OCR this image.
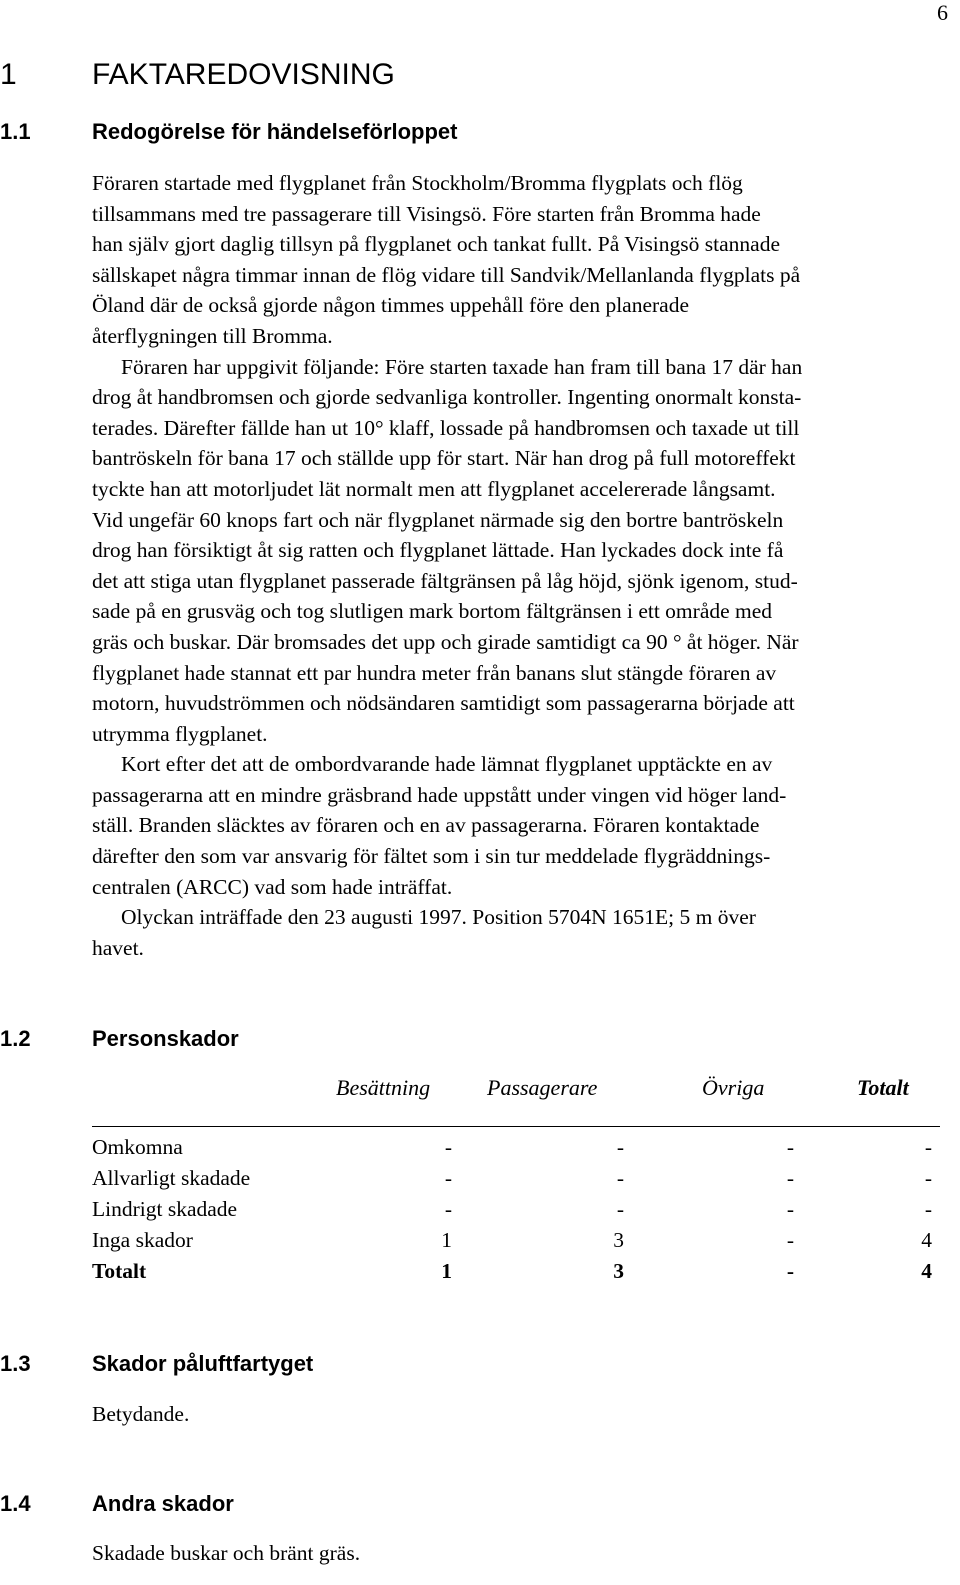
6
1	FAKTAREDOVISNING
1.1	Redogörelse för händelseförloppet
Föraren startade med flygplanet från Stockholm/Bromma flygplats och flög
tillsammans med tre passagerare till Visingsö. Före starten från Bromma hade
han själv gjort daglig tillsyn på flygplanet och tankat fullt. På Visingsö stannade
sällskapet några timmar innan de flög vidare till Sandvik/Mellanlanda flygplats på
Öland där de också gjorde någon timmes uppehåll före den planerade
återflygningen till Bromma.
Föraren har uppgivit följande: Före starten taxade han fram till bana 17 där han
drog åt handbromsen och gjorde sedvanliga kontroller. Ingenting onormalt konsta-
terades. Därefter fällde han ut 10° klaff, lossade på handbromsen och taxade ut till
bantröskeln för bana 17 och ställde upp för start. När han drog på full motoreffekt
tyckte han att motorljudet lät normalt men att flygplanet accelererade långsamt.
Vid ungefär 60 knops fart och när flygplanet närmade sig den bortre bantröskeln
drog han försiktigt åt sig ratten och flygplanet lättade. Han lyckades dock inte få
det att stiga utan flygplanet passerade fältgränsen på låg höjd, sjönk igenom, stud-
sade på en grusväg och tog slutligen mark bortom fältgränsen i ett område med
gräs och buskar. Där bromsades det upp och girade samtidigt ca 90 ° åt höger. När
flygplanet hade stannat ett par hundra meter från banans slut stängde föraren av
motorn, huvudströmmen och nödsändaren samtidigt som passagerarna började att
utrymma flygplanet.
Kort efter det att de ombordvarande hade lämnat flygplanet upptäckte en av
passagerarna att en mindre gräsbrand hade uppstått under vingen vid höger land-
ställ. Branden släcktes av föraren och en av passagerarna. Föraren kontaktade
därefter den som var ansvarig för fältet som i sin tur meddelade flygräddnings-
centralen (ARCC) vad som hade inträffat.
Olyckan inträffade den 23 augusti 1997. Position 5704N 1651E; 5 m över
havet.
1.2	Personskador
Besättning	Passagerare	Övriga	Totalt
Omkomna	-	-	-	-
Allvarligt skadade	-	-	-	-
Lindrigt skadade	-	-	-	-
Inga skador	1	3	-	4
Totalt	1	3	-	4
1.3	Skador påluftfartyget
Betydande.
1.4	Andra skador
Skadade buskar och bränt gräs.
